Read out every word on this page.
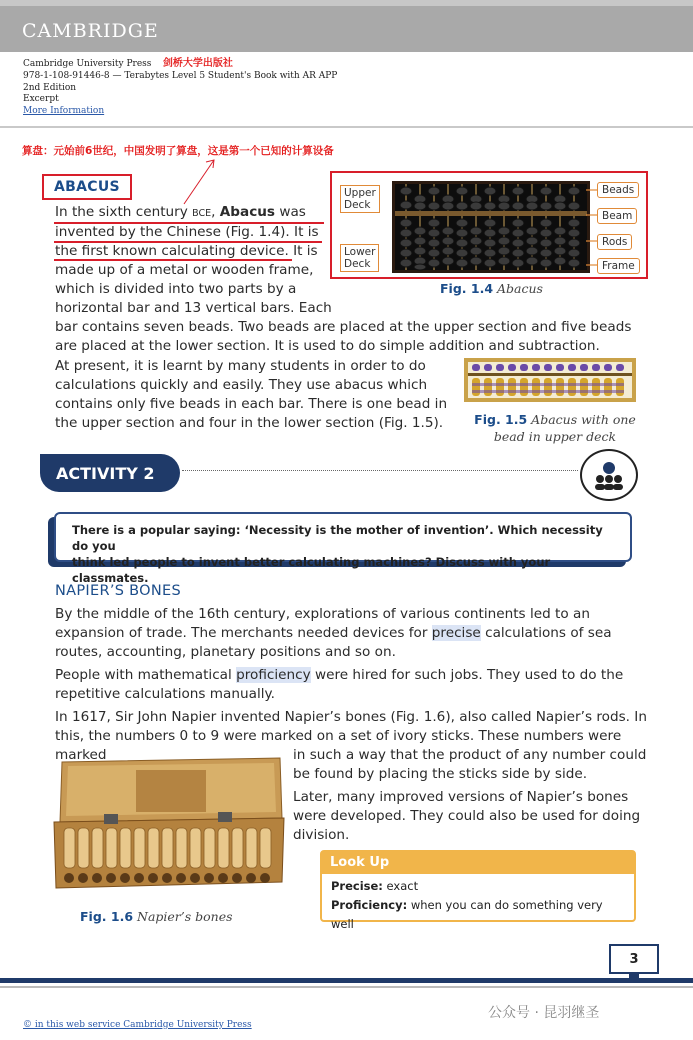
CAMBRIDGE
Cambridge University Press 剑桥大学出版社
978-1-108-91446-8 — Terabytes Level 5 Student's Book with AR APP
2nd Edition
Excerpt
More Information
算盘：元始前6世纪，中国发明了算盘，这是第一个已知的计算设备
ABACUS
In the sixth century BCE, Abacus was
invented by the Chinese (Fig. 1.4). It is
the first known calculating device. It is
made up of a metal or wooden frame,
which is divided into two parts by a
horizontal bar and 13 vertical bars. Each
bar contains seven beads. Two beads are placed at the upper section and five beads
are placed at the lower section. It is used to do simple addition and subtraction.
Upper
Deck
Lower
Deck
Beads
Beam
Rods
Frame
Fig. 1.4 Abacus
At present, it is learnt by many students in order to do
calculations quickly and easily. They use abacus which
contains only five beads in each bar. There is one bead in
the upper section and four in the lower section (Fig. 1.5).	Fig. 1.5 Abacus with one
bead in upper deck
ACTIVITY 2
There is a popular saying: ‘Necessity is the mother of invention’. Which necessity do you
think led people to invent better calculating machines? Discuss with your classmates.
NAPIER’S BONES
By the middle of the 16th century, explorations of various continents led to an
expansion of trade. The merchants needed devices for precise calculations of sea
routes, accounting, planetary positions and so on.
People with mathematical proficiency were hired for such jobs. They used to do the
repetitive calculations manually.
In 1617, Sir John Napier invented Napier’s bones (Fig. 1.6), also called Napier’s rods. In
this, the numbers 0 to 9 were marked on a set of ivory sticks. These numbers were marked	in such a way that the product of any number could
be found by placing the sticks side by side.
Later, many improved versions of Napier’s bones
were developed. They could also be used for doing
division.
Fig. 1.6 Napier’s bones
Look Up
Precise: exact
Proficiency: when you can do something very well
3
公众号 · 昆羽继圣
© in this web service Cambridge University Press
